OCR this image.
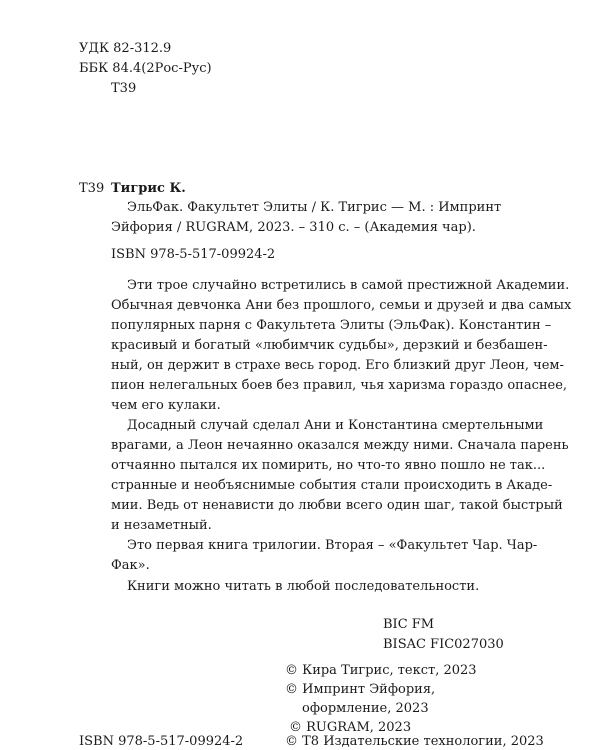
УДК 82-312.9
ББК 84.4(2Рос-Рус)
Т39
Т39 Тигрис К.
ЭльФак. Факультет Элиты / К. Тигрис — М. : Импринт
Эйфория / RUGRAM, 2023. – 310 с. – (Академия чар).
ISBN 978-5-517-09924-2
Эти трое случайно встретились в самой престижной Академии.
Обычная девчонка Ани без прошлого, семьи и друзей и два самых
популярных парня с Факультета Элиты (ЭльФак). Константин –
красивый и богатый «любимчик судьбы», дерзкий и безбашен-
ный, он держит в страхе весь город. Его близкий друг Леон, чем-
пион нелегальных боев без правил, чья харизма гораздо опаснее,
чем его кулаки.
Досадный случай сделал Ани и Константина смертельными
врагами, а Леон нечаянно оказался между ними. Сначала парень
отчаянно пытался их помирить, но что-то явно пошло не так...
странные и необъяснимые события стали происходить в Акаде-
мии. Ведь от ненависти до любви всего один шаг, такой быстрый
и незаметный.
Это первая книга трилогии. Вторая – «Факультет Чар. Чар-
Фак».
Книги можно читать в любой последовательности.
BIC FM
BISAC FIC027030
© Кира Тигрис, текст, 2023
© Импринт Эйфория,
оформление, 2023
© RUGRAM, 2023
© Т8 Издательские технологии, 2023
ISBN 978-5-517-09924-2
